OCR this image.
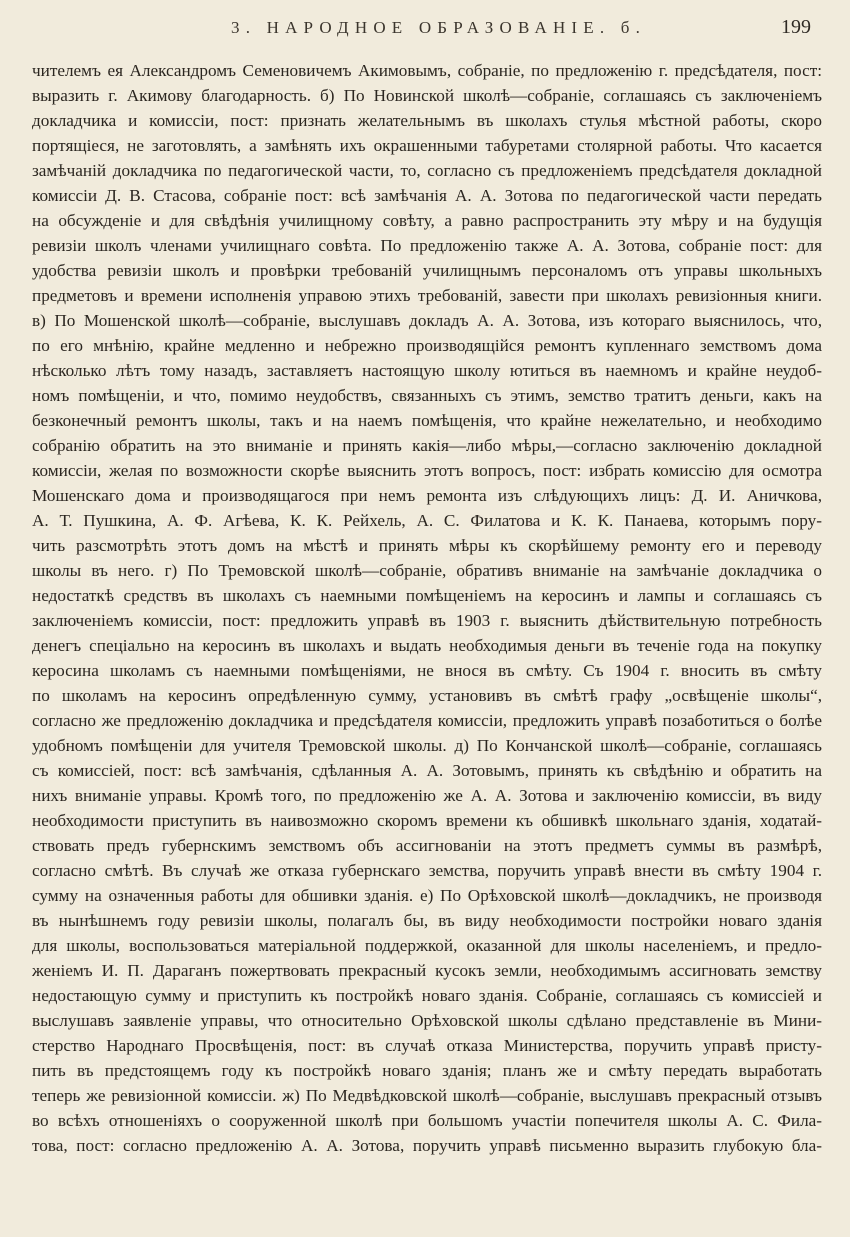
3. НАРОДНОЕ ОБРАЗОВАНІЕ. б.	199
чителемъ ея Александромъ Семеновичемъ Акимовымъ, собраніе, по предложенію г. предсѣдателя, пост:
выразить г. Акимову благодарность. б) По Новинской школѣ—собраніе, соглашаясь съ заключеніемъ
докладчика и комиссіи, пост: признать желательнымъ въ школахъ стулья мѣстной работы, скоро
портящіеся, не заготовлять, а замѣнять ихъ окрашенными табуретами столярной работы. Что касается
замѣчаній докладчика по педагогической части, то, согласно съ предложеніемъ предсѣдателя докладной
комиссіи Д. В. Стасова, собраніе пост: всѣ замѣчанія А. А. Зотова по педагогической части передать
на обсужденіе и для свѣдѣнія училищному совѣту, а равно распространить эту мѣру и на будущія
ревизіи школъ членами училищнаго совѣта. По предложенію также А. А. Зотова, собраніе пост: для
удобства ревизіи школъ и провѣрки требованій училищнымъ персоналомъ отъ управы школьныхъ
предметовъ и времени исполненія управою этихъ требованій, завести при школахъ ревизіонныя книги.
в) По Мошенской школѣ—собраніе, выслушавъ докладъ А. А. Зотова, изъ котораго выяснилось, что,
по его мнѣнію, крайне медленно и небрежно производящійся ремонтъ купленнаго земствомъ дома
нѣсколько лѣтъ тому назадъ, заставляетъ настоящую школу ютиться въ наемномъ и крайне неудоб-
номъ помѣщеніи, и что, помимо неудобствъ, связанныхъ съ этимъ, земство тратитъ деньги, какъ на
безконечный ремонтъ школы, такъ и на наемъ помѣщенія, что крайне нежелательно, и необходимо
собранію обратить на это вниманіе и принять какія—либо мѣры,—согласно заключенію докладной
комиссіи, желая по возможности скорѣе выяснить этотъ вопросъ, пост: избрать комиссію для осмотра
Мошенскаго дома и производящагося при немъ ремонта изъ слѣдующихъ лицъ: Д. И. Аничкова,
А. Т. Пушкина, А. Ф. Агѣева, К. К. Рейхель, А. С. Филатова и К. К. Панаева, которымъ пору-
чить разсмотрѣть этотъ домъ на мѣстѣ и принять мѣры къ скорѣйшему ремонту его и переводу
школы въ него. г) По Тремовской школѣ—собраніе, обративъ вниманіе на замѣчаніе докладчика о
недостаткѣ средствъ въ школахъ съ наемными помѣщеніемъ на керосинъ и лампы и соглашаясь съ
заключеніемъ комиссіи, пост: предложить управѣ въ 1903 г. выяснить дѣйствительную потребность
денегъ спеціально на керосинъ въ школахъ и выдать необходимыя деньги въ теченіе года на покупку
керосина школамъ съ наемными помѣщеніями, не внося въ смѣту. Съ 1904 г. вносить въ смѣту
по школамъ на керосинъ опредѣленную сумму, установивъ въ смѣтѣ графу „освѣщеніе школы“,
согласно же предложенію докладчика и предсѣдателя комиссіи, предложить управѣ позаботиться о болѣе
удобномъ помѣщеніи для учителя Тремовской школы. д) По Кончанской школѣ—собраніе, соглашаясь
съ комиссіей, пост: всѣ замѣчанія, сдѣланныя А. А. Зотовымъ, принять къ свѣдѣнію и обратить на
нихъ вниманіе управы. Кромѣ того, по предложенію же А. А. Зотова и заключенію комиссіи, въ виду
необходимости приступить въ наивозможно скоромъ времени къ обшивкѣ школьнаго зданія, ходатай-
ствовать предъ губернскимъ земствомъ объ ассигнованіи на этотъ предметъ суммы въ размѣрѣ,
согласно смѣтѣ. Въ случаѣ же отказа губернскаго земства, поручить управѣ внести въ смѣту 1904 г.
сумму на означенныя работы для обшивки зданія. е) По Орѣховской школѣ—докладчикъ, не производя
въ нынѣшнемъ году ревизіи школы, полагалъ бы, въ виду необходимости постройки новаго зданія
для школы, воспользоваться матеріальной поддержкой, оказанной для школы населеніемъ, и предло-
женіемъ И. П. Дараганъ пожертвовать прекрасный кусокъ земли, необходимымъ ассигновать земству
недостающую сумму и приступить къ постройкѣ новаго зданія. Собраніе, соглашаясь съ комиссіей и
выслушавъ заявленіе управы, что относительно Орѣховской школы сдѣлано представленіе въ Мини-
стерство Народнаго Просвѣщенія, пост: въ случаѣ отказа Министерства, поручить управѣ присту-
пить въ предстоящемъ году къ постройкѣ новаго зданія; планъ же и смѣту передать выработать
теперь же ревизіонной комиссіи. ж) По Медвѣдковской школѣ—собраніе, выслушавъ прекрасный отзывъ
во всѣхъ отношеніяхъ о сооруженной школѣ при большомъ участіи попечителя школы А. С. Фила-
това, пост: согласно предложенію А. А. Зотова, поручить управѣ письменно выразить глубокую бла-
